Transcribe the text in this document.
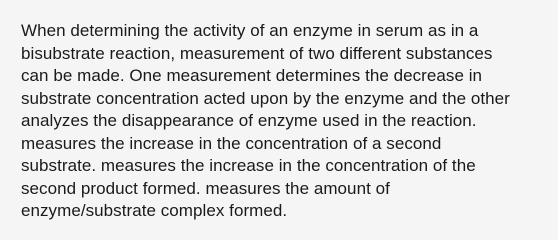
When determining the activity of an enzyme in serum as in a
bisubstrate reaction, measurement of two different substances
can be made. One measurement determines the decrease in
substrate concentration acted upon by the enzyme and the other
analyzes the disappearance of enzyme used in the reaction.
measures the increase in the concentration of a second
substrate. measures the increase in the concentration of the
second product formed. measures the amount of
enzyme/substrate complex formed.
